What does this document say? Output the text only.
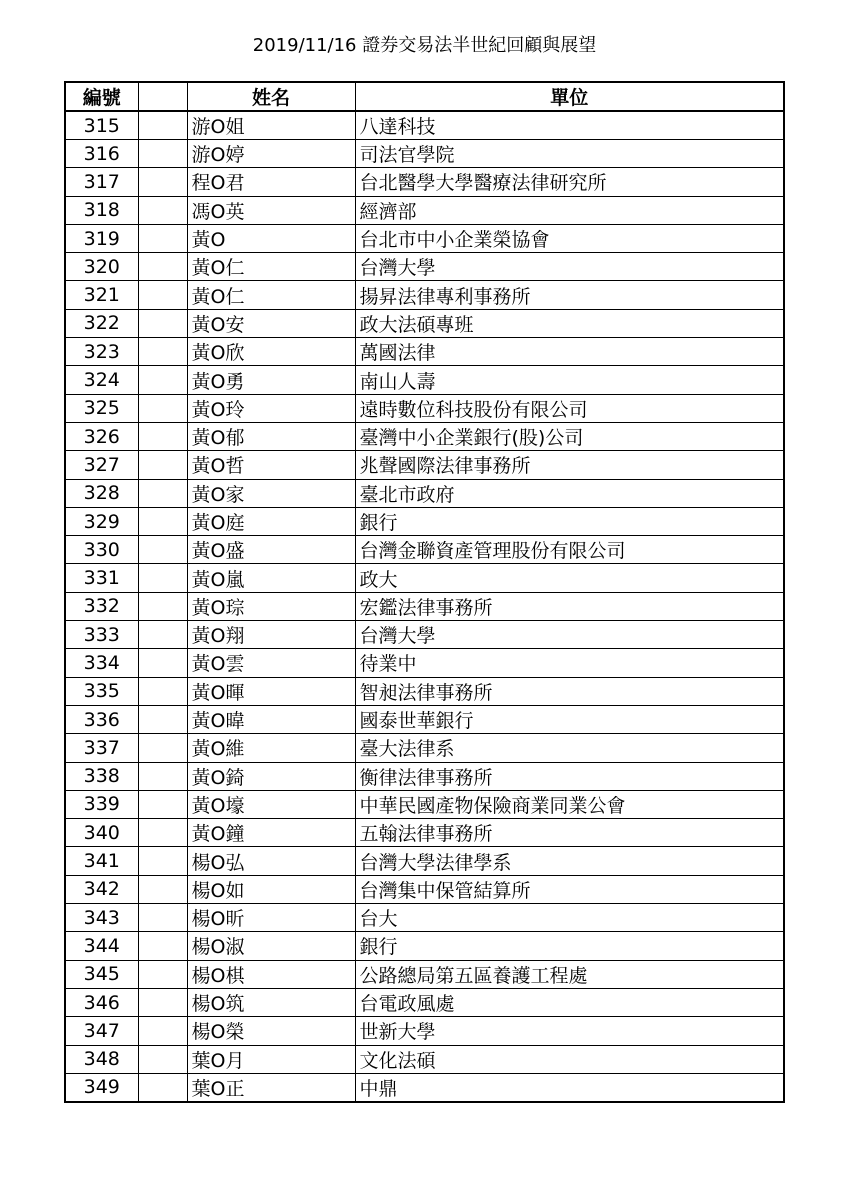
2019/11/16 證券交易法半世紀回顧與展望
編號		姓名	單位
315		游O姐	八達科技
316		游O婷	司法官學院
317		程O君	台北醫學大學醫療法律研究所
318		馮O英	經濟部
319		黃O	台北市中小企業榮協會
320		黃O仁	台灣大學
321		黃O仁	揚昇法律專利事務所
322		黃O安	政大法碩專班
323		黃O欣	萬國法律
324		黃O勇	南山人壽
325		黃O玲	遠時數位科技股份有限公司
326		黃O郁	臺灣中小企業銀行(股)公司
327		黃O哲	兆聲國際法律事務所
328		黃O家	臺北市政府
329		黃O庭	銀行
330		黃O盛	台灣金聯資產管理股份有限公司
331		黃O嵐	政大
332		黃O琮	宏鑑法律事務所
333		黃O翔	台灣大學
334		黃O雲	待業中
335		黃O暉	智昶法律事務所
336		黃O暐	國泰世華銀行
337		黃O維	臺大法律系
338		黃O錡	衡律法律事務所
339		黃O壕	中華民國產物保險商業同業公會
340		黃O鐘	五翰法律事務所
341		楊O弘	台灣大學法律學系
342		楊O如	台灣集中保管結算所
343		楊O昕	台大
344		楊O淑	銀行
345		楊O棋	公路總局第五區養護工程處
346		楊O筑	台電政風處
347		楊O榮	世新大學
348		葉O月	文化法碩
349		葉O正	中鼎
